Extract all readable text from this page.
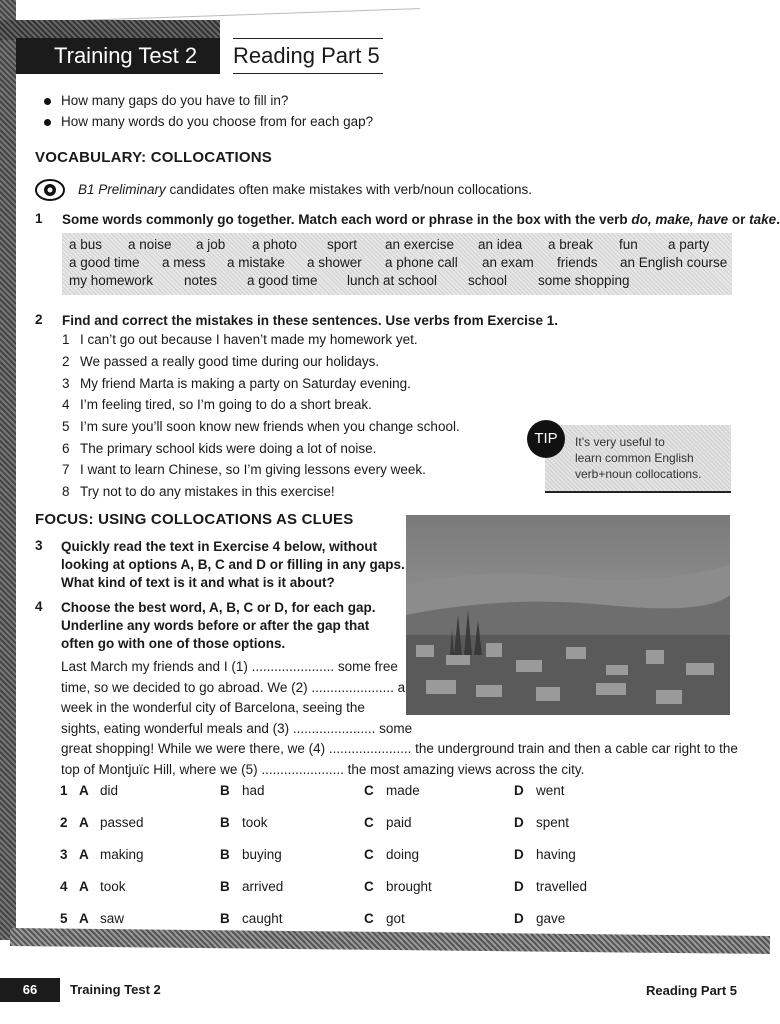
Training Test 2	Reading Part 5
How many gaps do you have to fill in?
How many words do you choose from for each gap?
VOCABULARY: COLLOCATIONS
B1 Preliminary candidates often make mistakes with verb/noun collocations.
1 Some words commonly go together. Match each word or phrase in the box with the verb do, make, have or take.
a bus a noise a job a photo sport an exercise an idea a break fun a party
a good time a mess a mistake a shower a phone call an exam friends an English course
my homework notes a good time lunch at school school some shopping
2 Find and correct the mistakes in these sentences. Use verbs from Exercise 1.
1 I can’t go out because I haven’t made my homework yet.
2 We passed a really good time during our holidays.
3 My friend Marta is making a party on Saturday evening.
4 I’m feeling tired, so I’m going to do a short break.
5 I’m sure you’ll soon know new friends when you change school.
6 The primary school kids were doing a lot of noise.
7 I want to learn Chinese, so I’m giving lessons every week.
8 Try not to do any mistakes in this exercise!
TIP	It’s very useful to
learn common English
verb+noun collocations.
FOCUS: USING COLLOCATIONS AS CLUES
3 Quickly read the text in Exercise 4 below, without
looking at options A, B, C and D or filling in any gaps.
What kind of text is it and what is it about?
4 Choose the best word, A, B, C or D, for each gap.
Underline any words before or after the gap that
often go with one of those options.
Last March my friends and I (1) ...................... some free
time, so we decided to go abroad. We (2) ...................... a
week in the wonderful city of Barcelona, seeing the
sights, eating wonderful meals and (3) ...................... some
great shopping! While we were there, we (4) ...................... the underground train and then a cable car right to the
top of Montjuïc Hill, where we (5) ...................... the most amazing views across the city.
1 A did	B had	C made	D went
2 A passed	B took	C paid	D spent
3 A making	B buying	C doing	D having
4 A took	B arrived	C brought	D travelled
5 A saw	B caught	C got	D gave
66	Training Test 2	Reading Part 5
